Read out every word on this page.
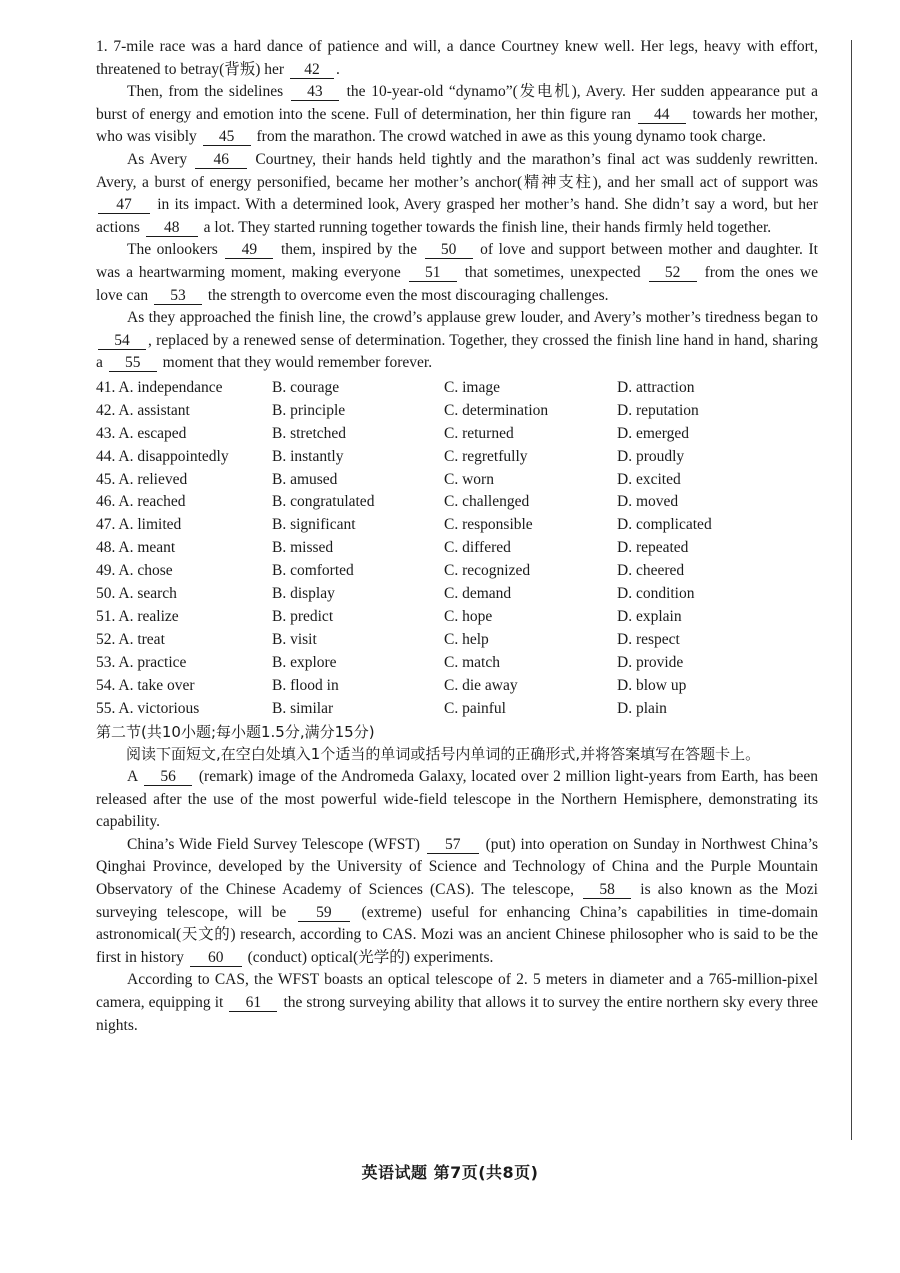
1. 7-mile race was a hard dance of patience and will, a dance Courtney knew well. Her legs, heavy with effort, threatened to betray(背叛) her 42 .

Then, from the sidelines 43 the 10-year-old “dynamo”(发电机), Avery. Her sudden appearance put a burst of energy and emotion into the scene. Full of determination, her thin figure ran 44 towards her mother, who was visibly 45 from the marathon. The crowd watched in awe as this young dynamo took charge.

As Avery 46 Courtney, their hands held tightly and the marathon’s final act was suddenly rewritten. Avery, a burst of energy personified, became her mother’s anchor(精神支柱), and her small act of support was 47 in its impact. With a determined look, Avery grasped her mother’s hand. She didn’t say a word, but her actions 48 a lot. They started running together towards the finish line, their hands firmly held together.

The onlookers 49 them, inspired by the 50 of love and support between mother and daughter. It was a heartwarming moment, making everyone 51 that sometimes, unexpected 52 from the ones we love can 53 the strength to overcome even the most discouraging challenges.

As they approached the finish line, the crowd’s applause grew louder, and Avery’s mother’s tiredness began to 54 , replaced by a renewed sense of determination. Together, they crossed the finish line hand in hand, sharing a 55 moment that they would remember forever.

41. A. independance	B. courage	C. image	D. attraction
42. A. assistant	B. principle	C. determination	D. reputation
43. A. escaped	B. stretched	C. returned	D. emerged
44. A. disappointedly	B. instantly	C. regretfully	D. proudly
45. A. relieved	B. amused	C. worn	D. excited
46. A. reached	B. congratulated	C. challenged	D. moved
47. A. limited	B. significant	C. responsible	D. complicated
48. A. meant	B. missed	C. differed	D. repeated
49. A. chose	B. comforted	C. recognized	D. cheered
50. A. search	B. display	C. demand	D. condition
51. A. realize	B. predict	C. hope	D. explain
52. A. treat	B. visit	C. help	D. respect
53. A. practice	B. explore	C. match	D. provide
54. A. take over	B. flood in	C. die away	D. blow up
55. A. victorious	B. similar	C. painful	D. plain
第二节(共10小题;每小题1.5分,满分15分)

阅读下面短文,在空白处填入1个适当的单词或括号内单词的正确形式,并将答案填写在答题卡上。

A 56 (remark) image of the Andromeda Galaxy, located over 2 million light-years from Earth, has been released after the use of the most powerful wide-field telescope in the Northern Hemisphere, demonstrating its capability.

China’s Wide Field Survey Telescope (WFST) 57 (put) into operation on Sunday in Northwest China’s Qinghai Province, developed by the University of Science and Technology of China and the Purple Mountain Observatory of the Chinese Academy of Sciences (CAS). The telescope, 58 is also known as the Mozi surveying telescope, will be 59 (extreme) useful for enhancing China’s capabilities in time-domain astronomical(天文的) research, according to CAS. Mozi was an ancient Chinese philosopher who is said to be the first in history 60 (conduct) optical(光学的) experiments.

According to CAS, the WFST boasts an optical telescope of 2. 5 meters in diameter and a 765-million-pixel camera, equipping it 61 the strong surveying ability that allows it to survey the entire northern sky every three nights.

英语试题 第7页(共8页)
